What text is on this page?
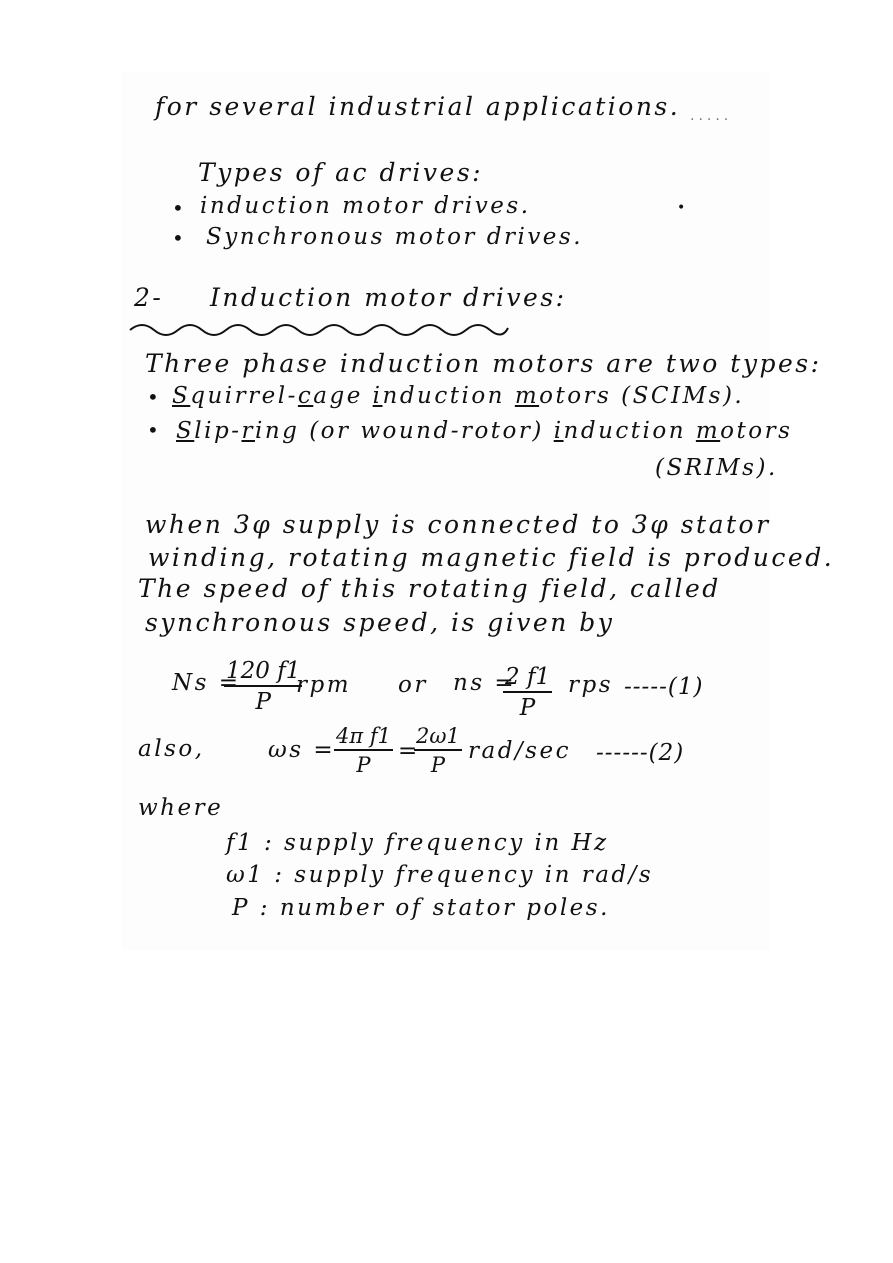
for several industrial applications. .....
Types of ac drives:
• induction motor drives.	•
• Synchronous motor drives.
2- Induction motor drives:
Three phase induction motors are two types:
• Squirrel-cage induction motors (SCIMs).
• Slip-ring (or wound-rotor) induction motors
(SRIMs).
when 3φ supply is connected to 3φ stator
winding, rotating magnetic field is produced.
The speed of this rotating field, called
synchronous speed, is given by
Ns =
$\frac{120 f1}{P}$
rpm or ns =
$\frac{2 f1}{P}$ rps -----(1)
also,	ωs =
$\frac{\text{4π f1}}{P}$ =
$\frac{2\omega 1}{P} rad/\sec$ ------(2)
where
f1 : supply frequency in Hz
ω1 : supply frequency in rad/s
P : number of stator poles.
